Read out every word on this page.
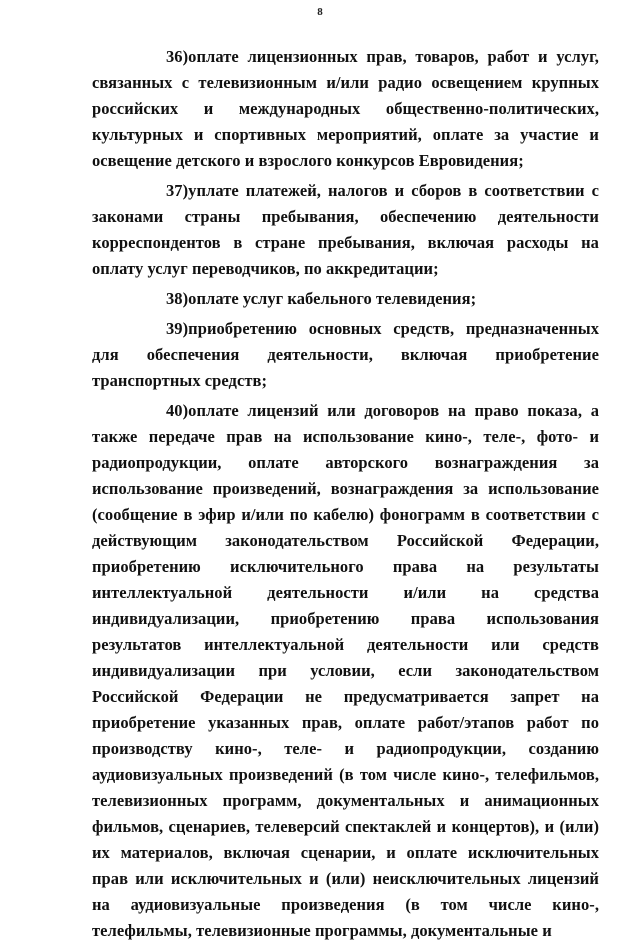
8

36)оплате лицензионных прав, товаров, работ и услуг, связанных с телевизионным и/или радио освещением крупных российских и международных общественно-политических, культурных и спортивных мероприятий, оплате за участие и освещение детского и взрослого конкурсов Евровидения;

37)уплате платежей, налогов и сборов в соответствии с законами страны пребывания, обеспечению деятельности корреспондентов в стране пребывания, включая расходы на оплату услуг переводчиков, по аккредитации;

38)оплате услуг кабельного телевидения;

39)приобретению основных средств, предназначенных для обеспечения деятельности, включая приобретение транспортных средств;

40)оплате лицензий или договоров на право показа, а также передаче прав на использование кино-, теле-, фото- и радиопродукции, оплате авторского вознаграждения за использование произведений, вознаграждения за использование (сообщение в эфир и/или по кабелю) фонограмм в соответствии с действующим законодательством Российской Федерации, приобретению исключительного права на результаты интеллектуальной деятельности и/или на средства индивидуализации, приобретению права использования результатов интеллектуальной деятельности или средств индивидуализации при условии, если законодательством Российской Федерации не предусматривается запрет на приобретение указанных прав, оплате работ/этапов работ по производству кино-, теле- и радиопродукции, созданию аудиовизуальных произведений (в том числе кино-, телефильмов, телевизионных программ, документальных и анимационных фильмов, сценариев, телеверсий спектаклей и концертов), и (или) их материалов, включая сценарии, и оплате исключительных прав или исключительных и (или) неисключительных лицензий на аудиовизуальные произведения (в том числе кино-, телефильмы, телевизионные программы, документальные и
